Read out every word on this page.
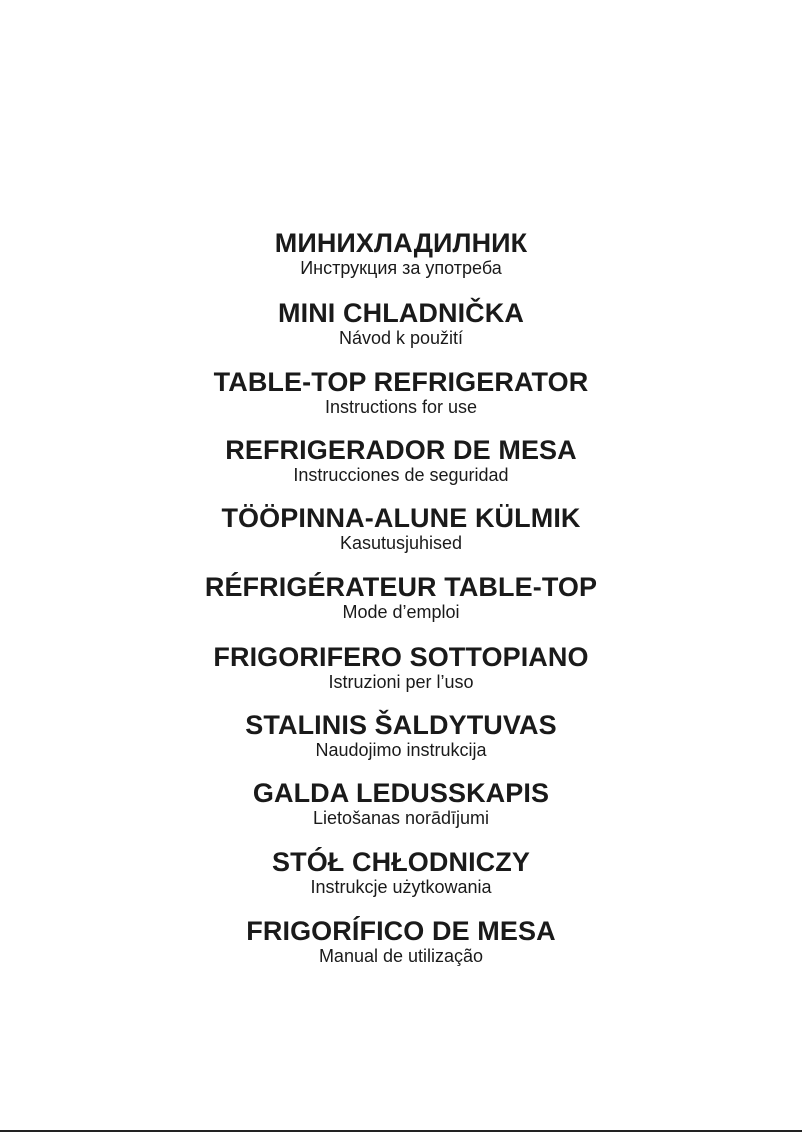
МИНИХЛАДИЛНИК
Инструкция за употреба
MINI CHLADNIČKA
Návod k použití
TABLE-TOP REFRIGERATOR
Instructions for use
REFRIGERADOR DE MESA
Instrucciones de seguridad
TÖÖPINNA-ALUNE KÜLMIK
Kasutusjuhised
RÉFRIGÉRATEUR TABLE-TOP
Mode d’emploi
FRIGORIFERO SOTTOPIANO
Istruzioni per l’uso
STALINIS ŠALDYTUVAS
Naudojimo instrukcija
GALDA LEDUSSKAPIS
Lietošanas norādījumi
STÓŁ CHŁODNICZY
Instrukcje użytkowania
FRIGORÍFICO DE MESA
Manual de utilização
